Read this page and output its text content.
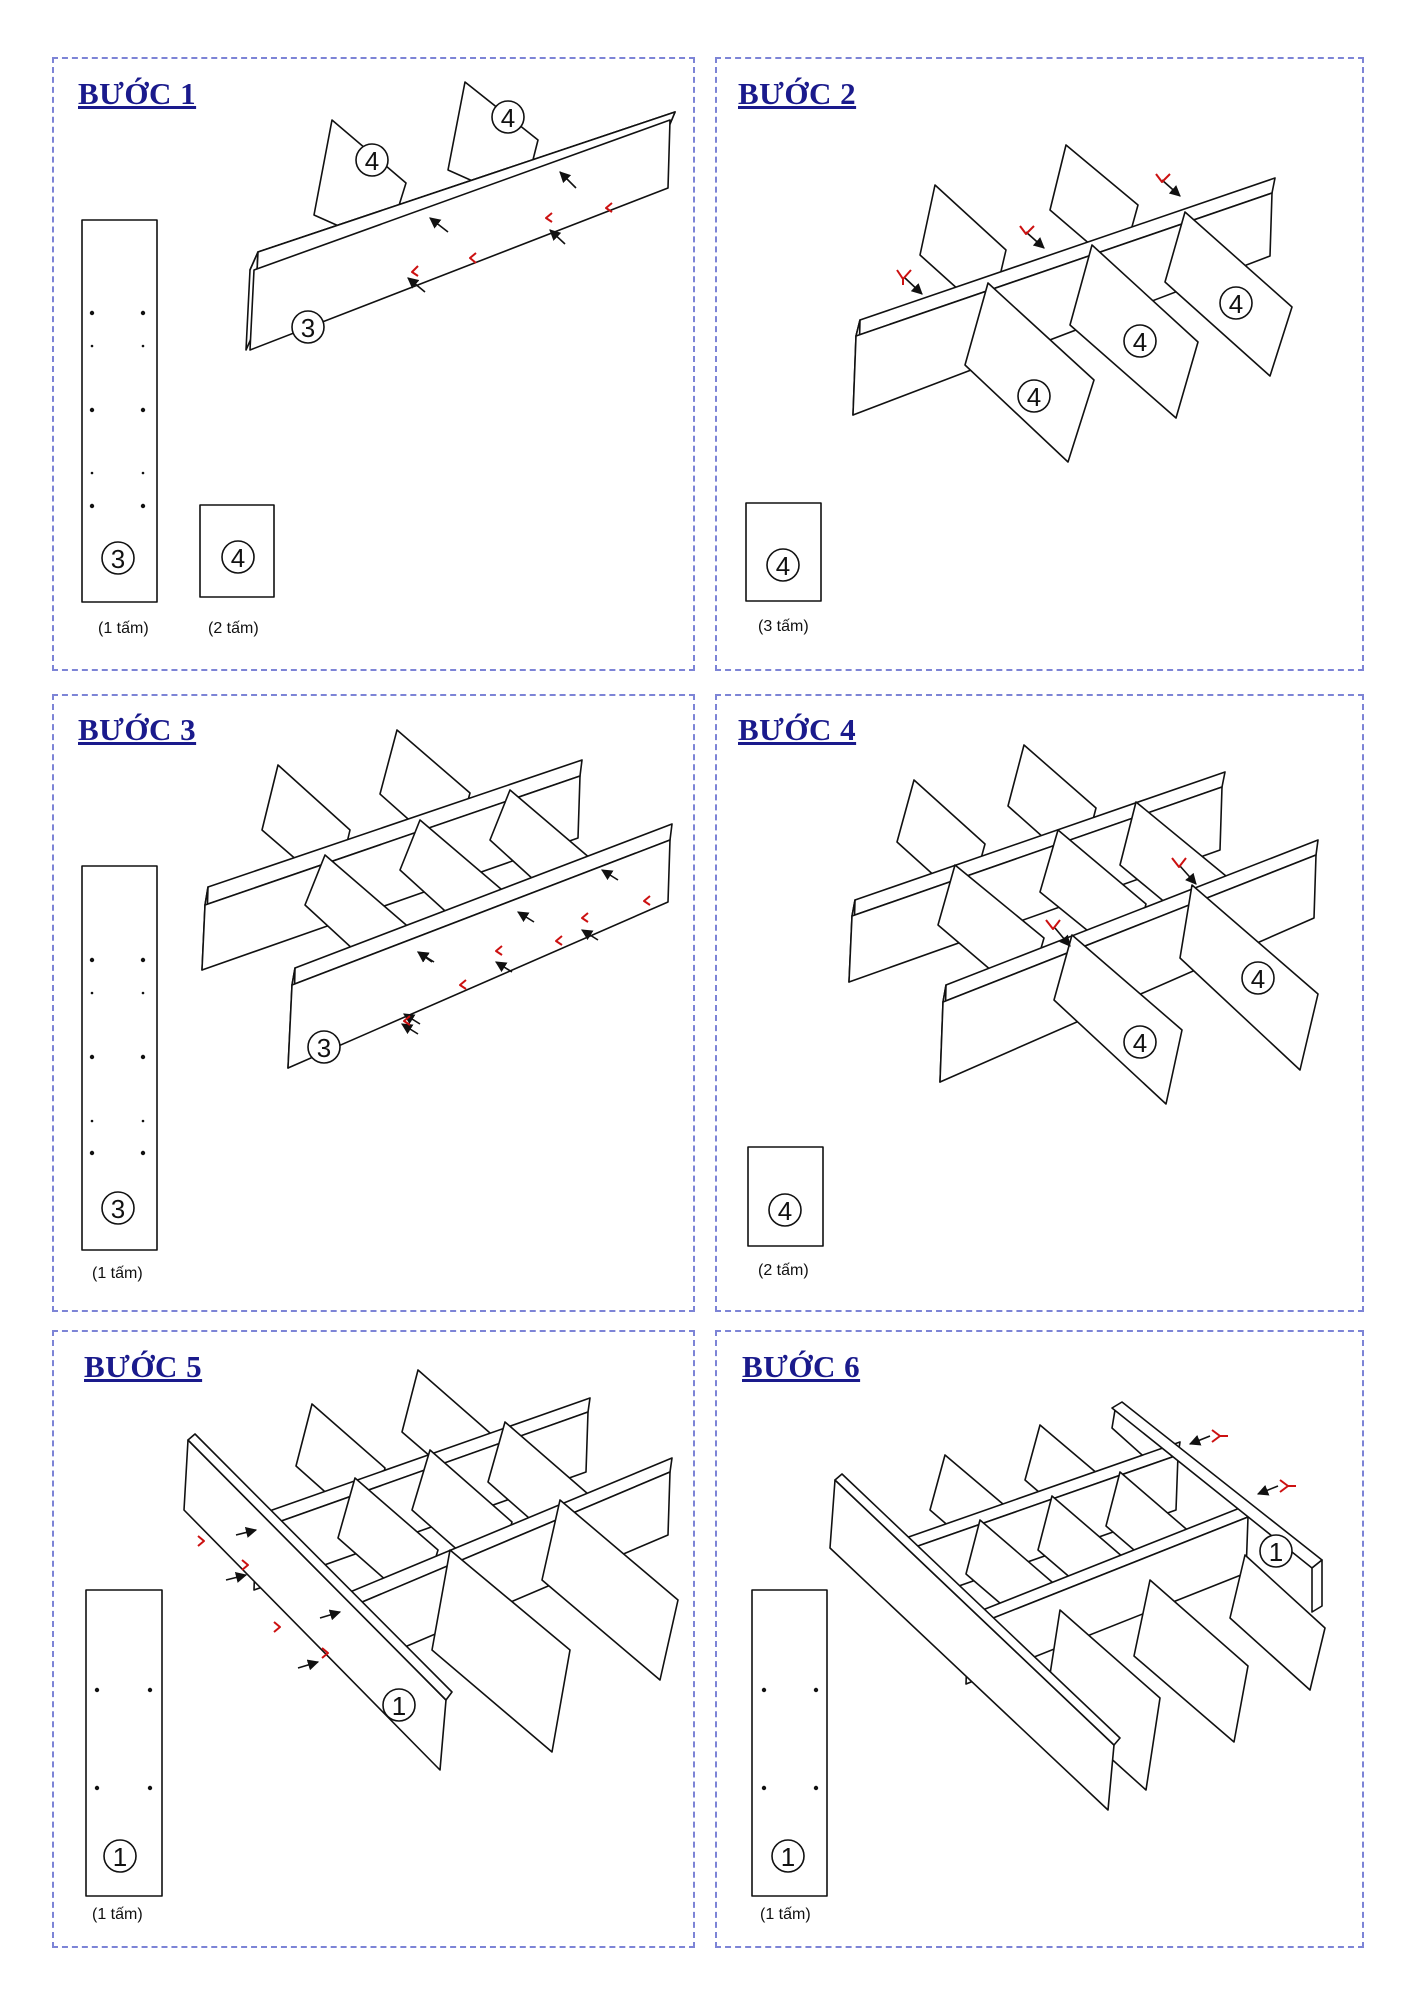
BƯỚC 1	BƯỚC 2
BƯỚC 3	BƯỚC 4
BƯỚC 5	BƯỚC 6
(1 tấm)	(2 tấm)	(3 tấm)
(1 tấm)	(2 tấm)
(1 tấm)	(1 tấm)
3	4
4
4
3
4
4
4
4
3
3
4
4
4
1
1
1
1
